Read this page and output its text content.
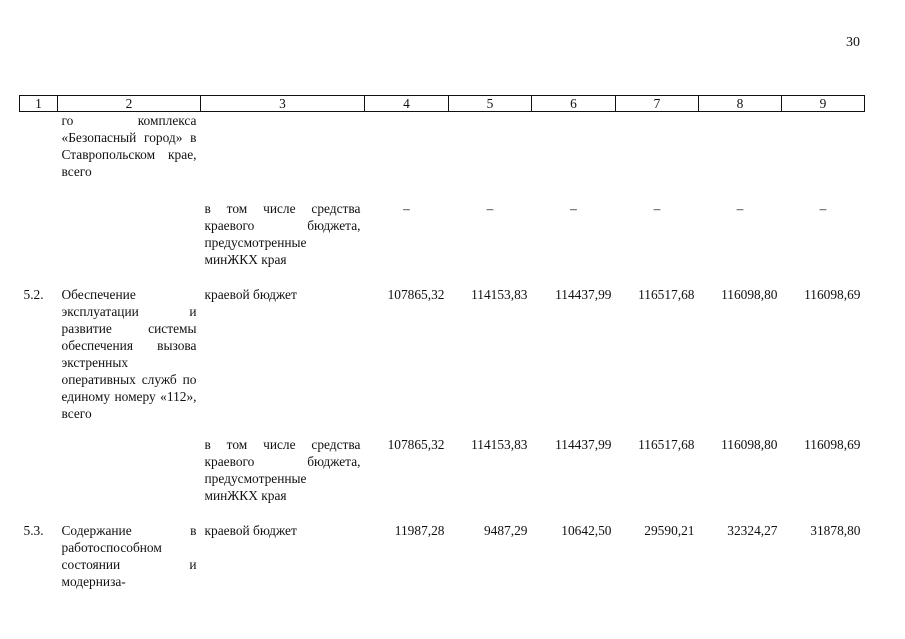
30
1	2	3	4	5	6	7	8	9
	го комплекса «Безопасный город» в Ставропольском крае, всего							
		в том числе средства краевого бюджета, предусмотренные минЖКХ края	–	–	–	–	–	–
5.2.	Обеспечение эксплуатации и развитие системы обеспечения вызова экстренных оперативных служб по единому номеру «112», всего	краевой бюджет	107865,32	114153,83	114437,99	116517,68	116098,80	116098,69
		в том числе средства краевого бюджета, предусмотренные минЖКХ края	107865,32	114153,83	114437,99	116517,68	116098,80	116098,69
5.3.	Содержание в работоспособном состоянии и модерниза-	краевой бюджет	11987,28	9487,29	10642,50	29590,21	32324,27	31878,80
